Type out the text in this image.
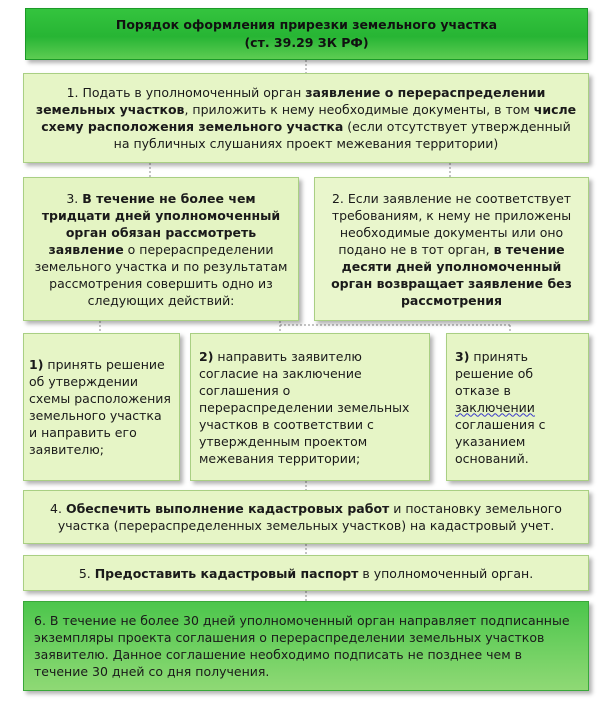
Порядок оформления прирезки земельного участка

(ст. 39.29 ЗК РФ)

1. Подать в уполномоченный орган заявление о перераспределении земельных участков, приложить к нему необходимые документы, в том числе схему расположения земельного участка (если отсутствует утвержденный на публичных слушаниях проект межевания территории)

3. В течение не более чем тридцати дней уполномоченный орган обязан рассмотреть заявление о перераспределении земельного участка и по результатам рассмотрения совершить одно из следующих действий:

2. Если заявление не соответствует требованиям, к нему не приложены необходимые документы или оно подано не в тот орган, в течение десяти дней уполномоченный орган возвращает заявление без рассмотрения

1) принять решение об утверждении схемы расположения земельного участка и направить его заявителю;

2) направить заявителю согласие на заключение соглашения о перераспределении земельных участков в соответствии с утвержденным проектом межевания территории;

3) принять решение об отказе в заключении соглашения с указанием оснований.

4. Обеспечить выполнение кадастровых работ и постановку земельного участка (перераспределенных земельных участков) на кадастровый учет.

5. Предоставить кадастровый паспорт в уполномоченный орган.

6. В течение не более 30 дней уполномоченный орган направляет подписанные экземпляры проекта соглашения о перераспределении земельных участков заявителю. Данное соглашение необходимо подписать не позднее чем в течение 30 дней со дня получения.
